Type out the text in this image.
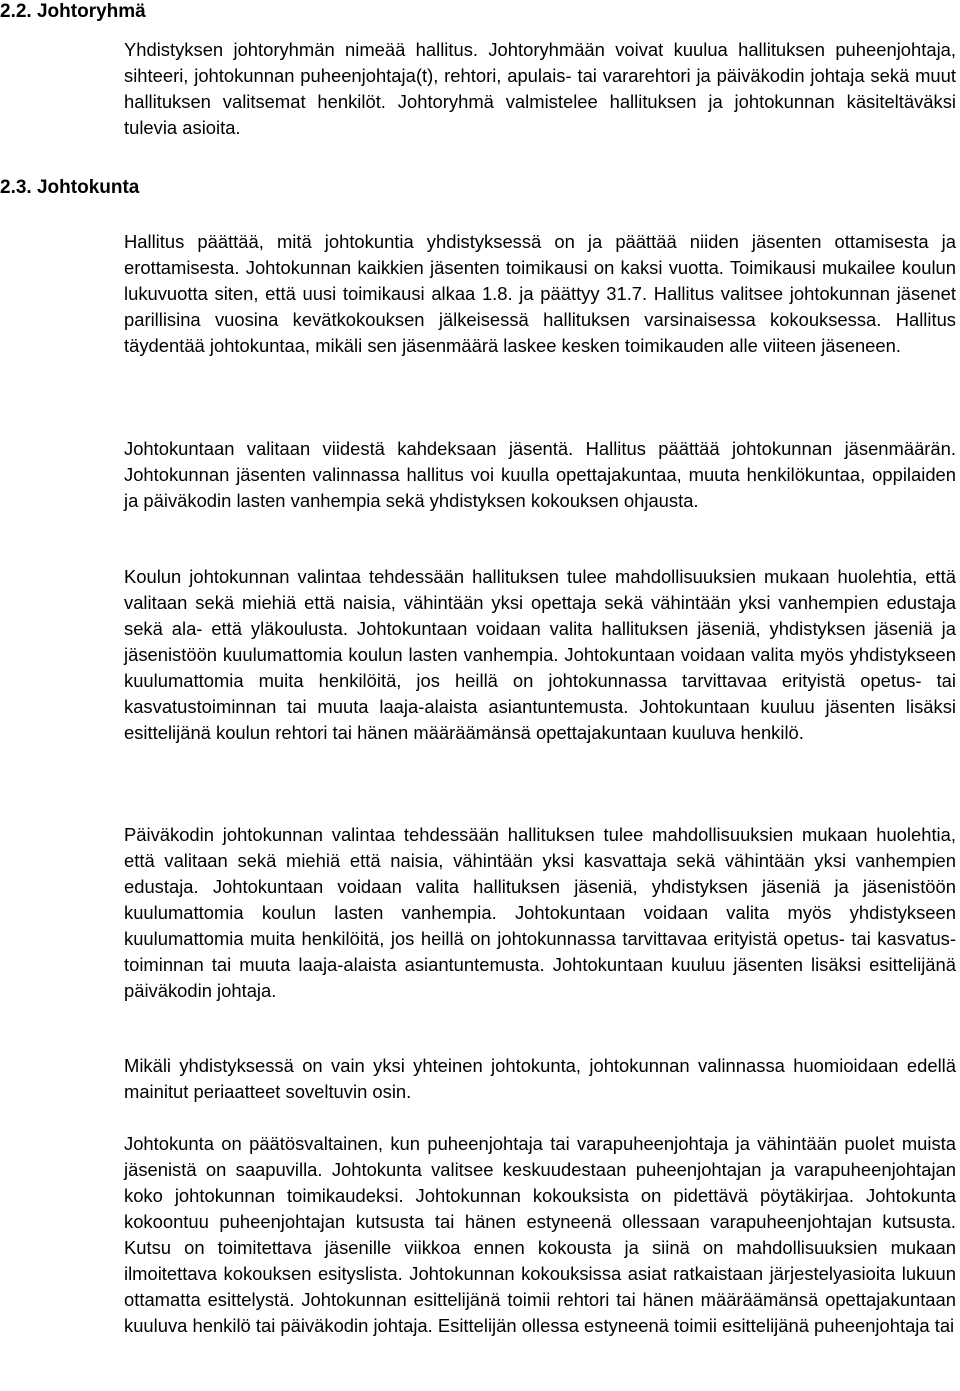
2.2. Johtoryhmä
2.3. Johtokunta

Yhdistyksen johtoryhmän nimeää hallitus. Johtoryhmään voivat kuulua hallituksen puheenjohtaja, sihteeri, johtokunnan puheenjohtaja(t), rehtori, apulais- tai vararehtori ja päiväkodin johtaja sekä muut hallituksen valitsemat henkilöt. Johtoryhmä valmistelee hallituksen ja johtokunnan käsiteltäväksi tulevia asioita.

Hallitus päättää, mitä johtokuntia yhdistyksessä on ja päättää niiden jäsenten ottamisesta ja erottamisesta. Johtokunnan kaikkien jäsenten toimikausi on kaksi vuotta. Toimikausi mukailee koulun lukuvuotta siten, että uusi toimikausi alkaa 1.8. ja päättyy 31.7. Hallitus valitsee johtokunnan jäsenet parillisina vuosina kevätkokouksen jälkeisessä hallituksen varsinaisessa kokouksessa. Hallitus täydentää johtokuntaa, mikäli sen jäsenmäärä laskee kesken toimikauden alle viiteen jäseneen.

Johtokuntaan valitaan viidestä kahdeksaan jäsentä. Hallitus päättää johtokunnan jäsenmäärän. Johtokunnan jäsenten valinnassa hallitus voi kuulla opettajakuntaa, muuta henkilökuntaa, oppilaiden ja päiväkodin lasten vanhempia sekä yhdistyksen kokouksen ohjausta.

Koulun johtokunnan valintaa tehdessään hallituksen tulee mahdollisuuksien mukaan huolehtia, että valitaan sekä miehiä että naisia, vähintään yksi opettaja sekä vähintään yksi vanhempien edustaja sekä ala- että yläkoulusta. Johtokuntaan voidaan valita hallituksen jäseniä, yhdistyksen jäseniä ja jäsenistöön kuulumattomia koulun lasten vanhempia. Johtokuntaan voidaan valita myös yhdistykseen kuulumattomia muita henkilöitä, jos heillä on johtokunnassa tarvittavaa erityistä opetus- tai kasvatustoiminnan tai muuta laaja-alaista asiantuntemusta. Johtokuntaan kuuluu jäsenten lisäksi esittelijänä koulun rehtori tai hänen määräämänsä opettajakuntaan kuuluva henkilö.

Päiväkodin johtokunnan valintaa tehdessään hallituksen tulee mahdollisuuksien mukaan huolehtia, että valitaan sekä miehiä että naisia, vähintään yksi kasvattaja sekä vähintään yksi vanhempien edustaja. Johtokuntaan voidaan valita hallituksen jäseniä, yhdistyksen jäseniä ja jäsenistöön kuulumattomia koulun lasten vanhempia. Johtokuntaan voidaan valita myös yhdistykseen kuulumattomia muita henkilöitä, jos heillä on johtokunnassa tarvittavaa erityistä opetus- tai kasvatustoiminnan tai muuta laaja-alaista asiantuntemusta. Johtokuntaan kuuluu jäsenten lisäksi esittelijänä päiväkodin johtaja.

Mikäli yhdistyksessä on vain yksi yhteinen johtokunta, johtokunnan valinnassa huomioidaan edellä mainitut periaatteet soveltuvin osin.

Johtokunta on päätösvaltainen, kun puheenjohtaja tai varapuheenjohtaja ja vähintään puolet muista jäsenistä on saapuvilla. Johtokunta valitsee keskuudestaan puheenjohtajan ja varapuheenjohtajan koko johtokunnan toimikaudeksi. Johtokunnan kokouksista on pidettävä pöytäkirjaa. Johtokunta kokoontuu puheenjohtajan kutsusta tai hänen estyneenä ollessaan varapuheenjohtajan kutsusta. Kutsu on toimitettava jäsenille viikkoa ennen kokousta ja siinä on mahdollisuuksien mukaan ilmoitettava kokouksen esityslista. Johtokunnan kokouksissa asiat ratkaistaan järjestelyasioita lukuun ottamatta esittelystä. Johtokunnan esittelijänä toimii rehtori tai hänen määräämänsä opettajakuntaan kuuluva henkilö tai päiväkodin johtaja. Esittelijän ollessa estyneenä toimii esittelijänä puheenjohtaja tai
